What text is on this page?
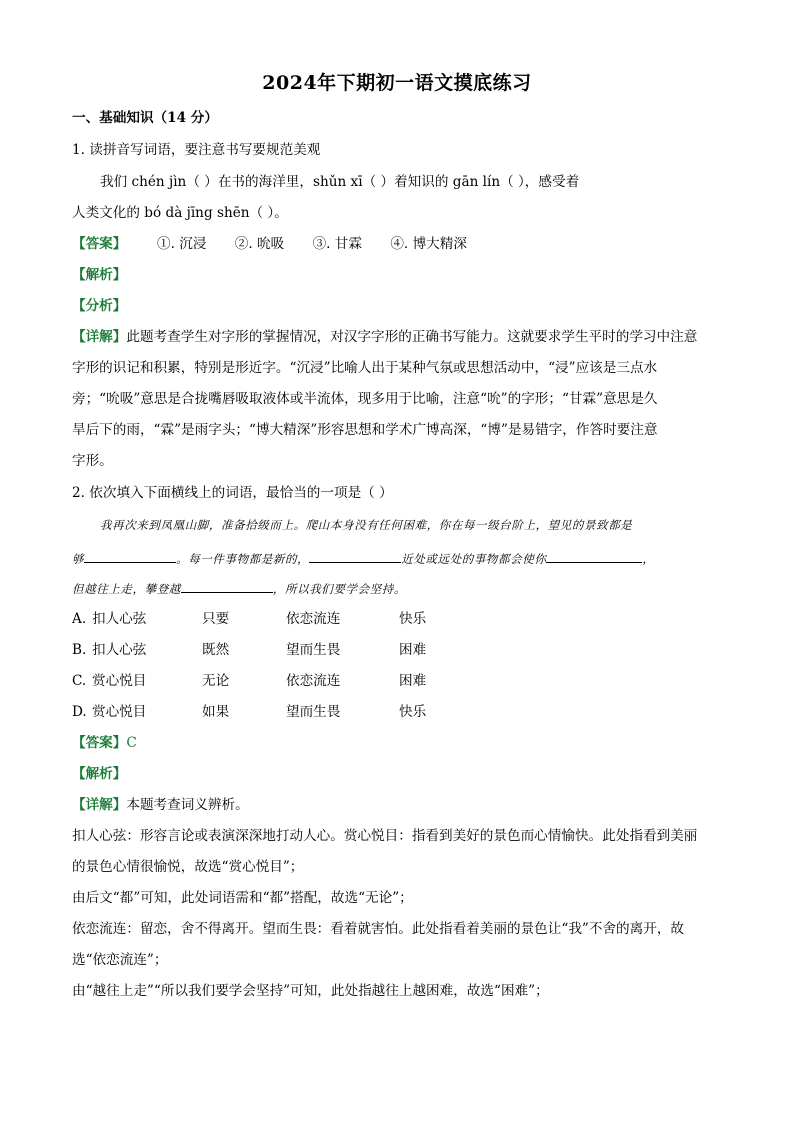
2024年下期初一语文摸底练习
一、基础知识（14 分）
1. 读拼音写词语，要注意书写要规范美观
我们 chén jìn（ ）在书的海洋里，shǔn xī（ ）着知识的 gān lín（ ），感受着
人类文化的 bó dà jīng shēn（ ）。
【答案】 ①. 沉浸 ②. 吮吸 ③. 甘霖 ④. 博大精深
【解析】
【分析】
【详解】此题考查学生对字形的掌握情况，对汉字字形的正确书写能力。这就要求学生平时的学习中注意
字形的识记和积累，特别是形近字。“沉浸”比喻人出于某种气氛或思想活动中，“浸”应该是三点水
旁；“吮吸”意思是合拢嘴唇吸取液体或半流体，现多用于比喻，注意“吮”的字形；“甘霖”意思是久
旱后下的雨，“霖”是雨字头；“博大精深”形容思想和学术广博高深，“博”是易错字，作答时要注意
字形。
2. 依次填入下面横线上的词语，最恰当的一项是（ ）
我再次来到凤凰山脚，准备拾级而上。爬山本身没有任何困难，你在每一级台阶上，望见的景致都是
够	。每一件事物都是新的，	近处或远处的事物都会使你	，
但越往上走，攀登越	，所以我们要学会坚持。
A. 扣人心弦	只要	依恋流连	快乐
B. 扣人心弦	既然	望而生畏	困难
C. 赏心悦目	无论	依恋流连	困难
D. 赏心悦目	如果	望而生畏	快乐
【答案】C
【解析】
【详解】本题考查词义辨析。
扣人心弦：形容言论或表演深深地打动人心。赏心悦目：指看到美好的景色而心情愉快。此处指看到美丽
的景色心情很愉悦，故选“赏心悦目”；
由后文“都”可知，此处词语需和“都”搭配，故选“无论”；
依恋流连：留恋，舍不得离开。望而生畏：看着就害怕。此处指看着美丽的景色让“我”不舍的离开，故
选“依恋流连”；
由“越往上走”“所以我们要学会坚持”可知，此处指越往上越困难，故选“困难”；
